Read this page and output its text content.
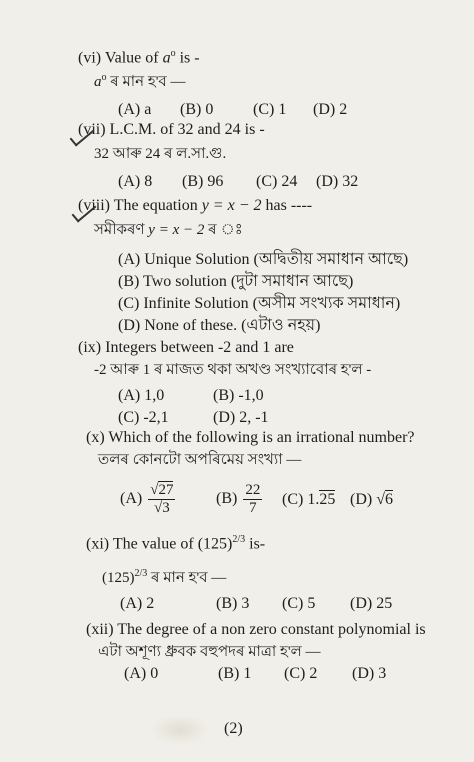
(vi) Value of $a^o$ is -
$a^o$ ৰ মান হ'ব —
(A) a (B) 0 (C) 1 (D) 2
(vii) L.C.M. of 32 and 24 is -
32 আৰু 24 ৰ ল.সা.গু.
(A) 8 (B) 96 (C) 24 (D) 32
(viii) The equation y = x − 2 has ----
সমীকৰণ y = x − 2 ৰ ঃ
(A) Unique Solution (অদ্বিতীয় সমাধান আছে)
(B) Two solution (দুটা সমাধান আছে)
(C) Infinite Solution (অসীম সংখ্যক সমাধান)
(D) None of these. (এটাও নহয়)
(ix) Integers between -2 and 1 are
-2 আৰু 1 ৰ মাজত থকা অখণ্ড সংখ্যাবোৰ হ'ল -
(A) 1,0	(B) -1,0
(C) -2,1	(D) 2, -1
(x) Which of the following is an irrational number?
তলৰ কোনটো অপৰিমেয় সংখ্যা —
$(A) \frac{√27}{√3}$	$(B) \frac{22}{7} (C)$ 1.25 (D) √6
(xi) The value of $(125)^{2/3}$ is-
$(125)^{2/3}$ ৰ মান হ'ব —
(A) 2	(B) 3 (C) 5 (D) 25
(xii) The degree of a non zero constant polynomial is
এটা অশূণ্য ধ্ৰুবক বহুপদৰ মাত্ৰা হ'ল —
(A) 0	(B) 1 (C) 2 (D) 3
(2)
